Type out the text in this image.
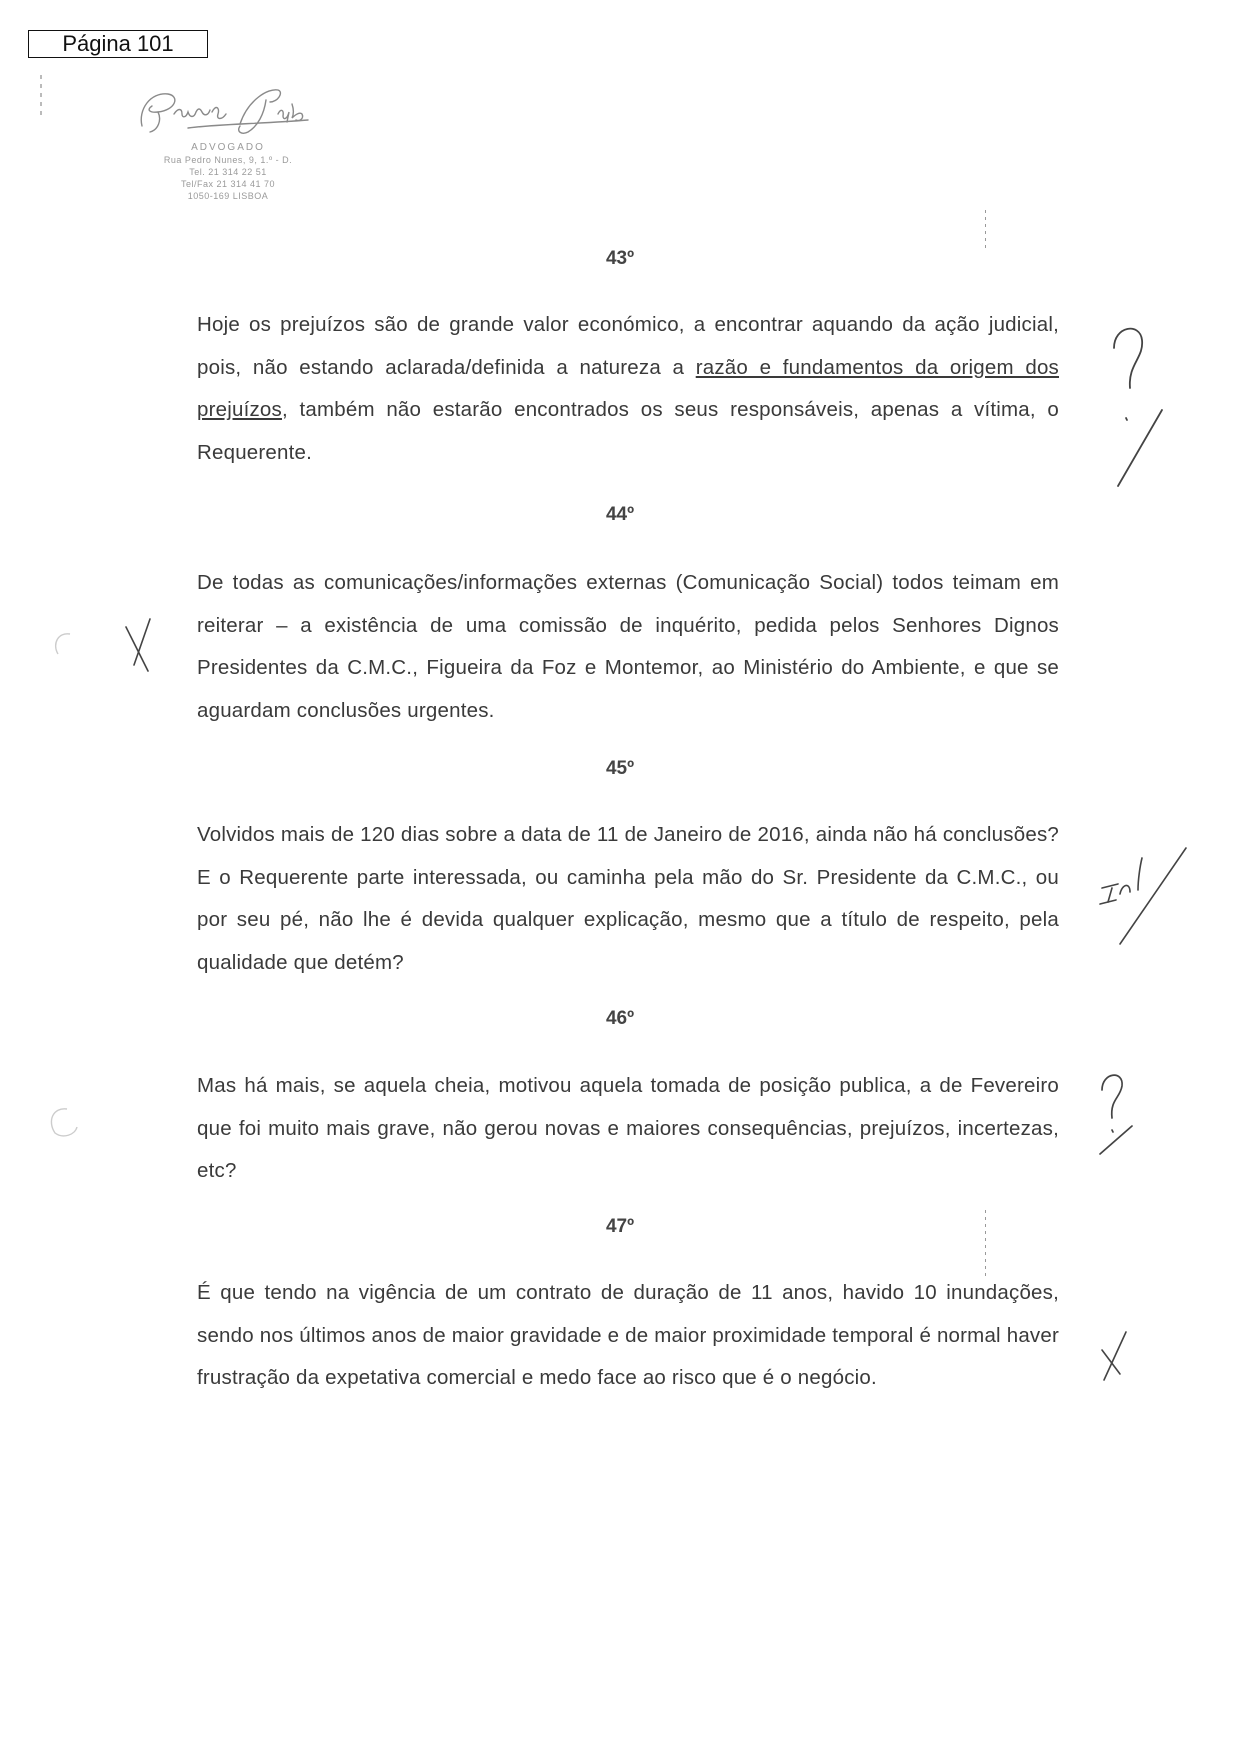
Página 101
ADVOGADO
Rua Pedro Nunes, 9, 1.º - D.
Tel. 21 314 22 51
Tel/Fax 21 314 41 70
1050-169 LISBOA
43º
Hoje os prejuízos são de grande valor económico, a encontrar aquando da ação judicial, pois, não estando aclarada/definida a natureza a razão e fundamentos da origem dos prejuízos, também não estarão encontrados os seus responsáveis, apenas a vítima, o Requerente.
44º
De todas as comunicações/informações externas (Comunicação Social) todos teimam em reiterar – a existência de uma comissão de inquérito, pedida pelos Senhores Dignos Presidentes da C.M.C., Figueira da Foz e Montemor, ao Ministério do Ambiente, e que se aguardam conclusões urgentes.
45º
Volvidos mais de 120 dias sobre a data de 11 de Janeiro de 2016, ainda não há conclusões? E o Requerente parte interessada, ou caminha pela mão do Sr. Presidente da C.M.C., ou por seu pé, não lhe é devida qualquer explicação, mesmo que a título de respeito, pela qualidade que detém?
46º
Mas há mais, se aquela cheia, motivou aquela tomada de posição publica, a de Fevereiro que foi muito mais grave, não gerou novas e maiores consequências, prejuízos, incertezas, etc?
47º
É que tendo na vigência de um contrato de duração de 11 anos, havido 10 inundações, sendo nos últimos anos de maior gravidade e de maior proximidade temporal é normal haver frustração da expetativa comercial e medo face ao risco que é o negócio.
